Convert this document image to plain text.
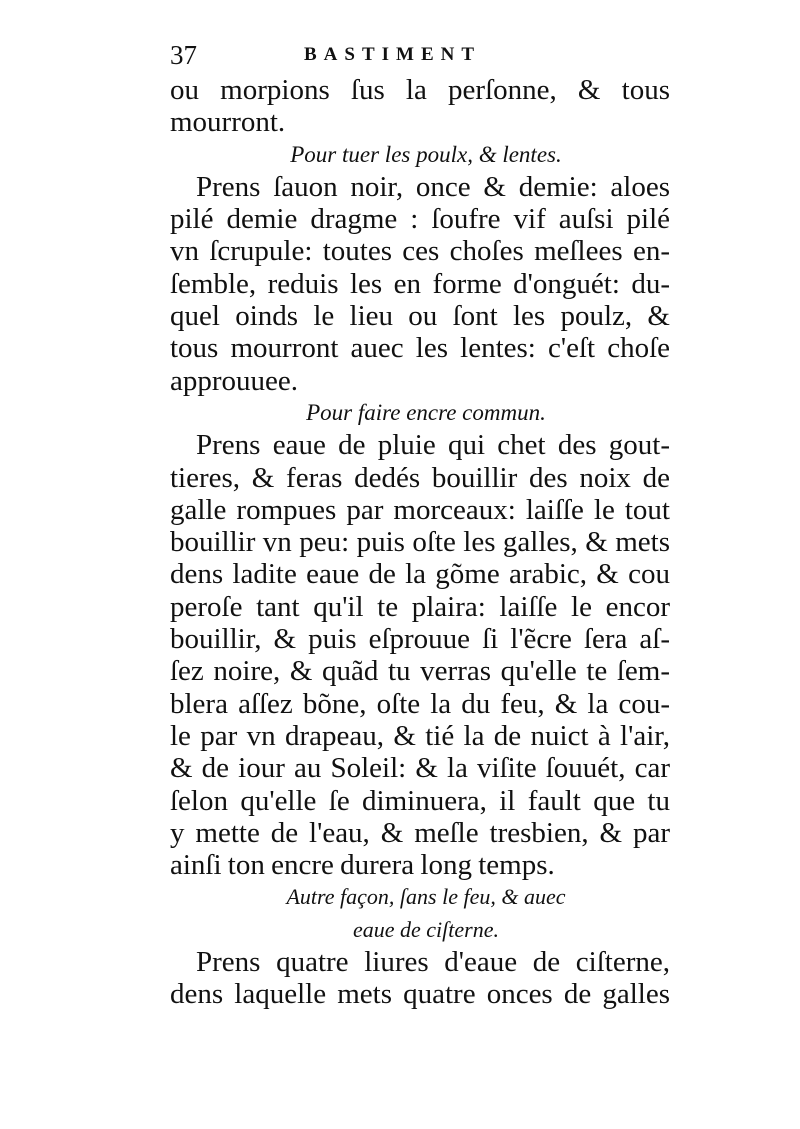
37	BASTIMENT
ou morpions ſus la perſonne, & tous
mourront.
Pour tuer les poulx, & lentes.
Prens ſauon noir, once & demie: aloes
pilé demie dragme : ſoufre vif auſsi pilé
vn ſcrupule: toutes ces choſes meſlees en-
ſemble, reduis les en forme d'onguét: du-
quel oinds le lieu ou ſont les poulz, &
tous mourront auec les lentes: c'eſt choſe
approuuee.
Pour faire encre commun.
Prens eaue de pluie qui chet des gout-
tieres, & feras dedés bouillir des noix de
galle rompues par morceaux: laiſſe le tout
bouillir vn peu: puis oſte les galles, & mets
dens ladite eaue de la gõme arabic, & cou
peroſe tant qu'il te plaira: laiſſe le encor
bouillir, & puis eſprouue ſi l'ẽcre ſera aſ-
ſez noire, & quãd tu verras qu'elle te ſem-
blera aſſez bõne, oſte la du feu, & la cou-
le par vn drapeau, & tié la de nuict à l'air,
& de iour au Soleil: & la viſite ſouuét, car
ſelon qu'elle ſe diminuera, il fault que tu
y mette de l'eau, & meſle tresbien, & par
ainſi ton encre durera long temps.
Autre façon, ſans le feu, & auec
eaue de ciſterne.
Prens quatre liures d'eaue de ciſterne,
dens laquelle mets quatre onces de galles
